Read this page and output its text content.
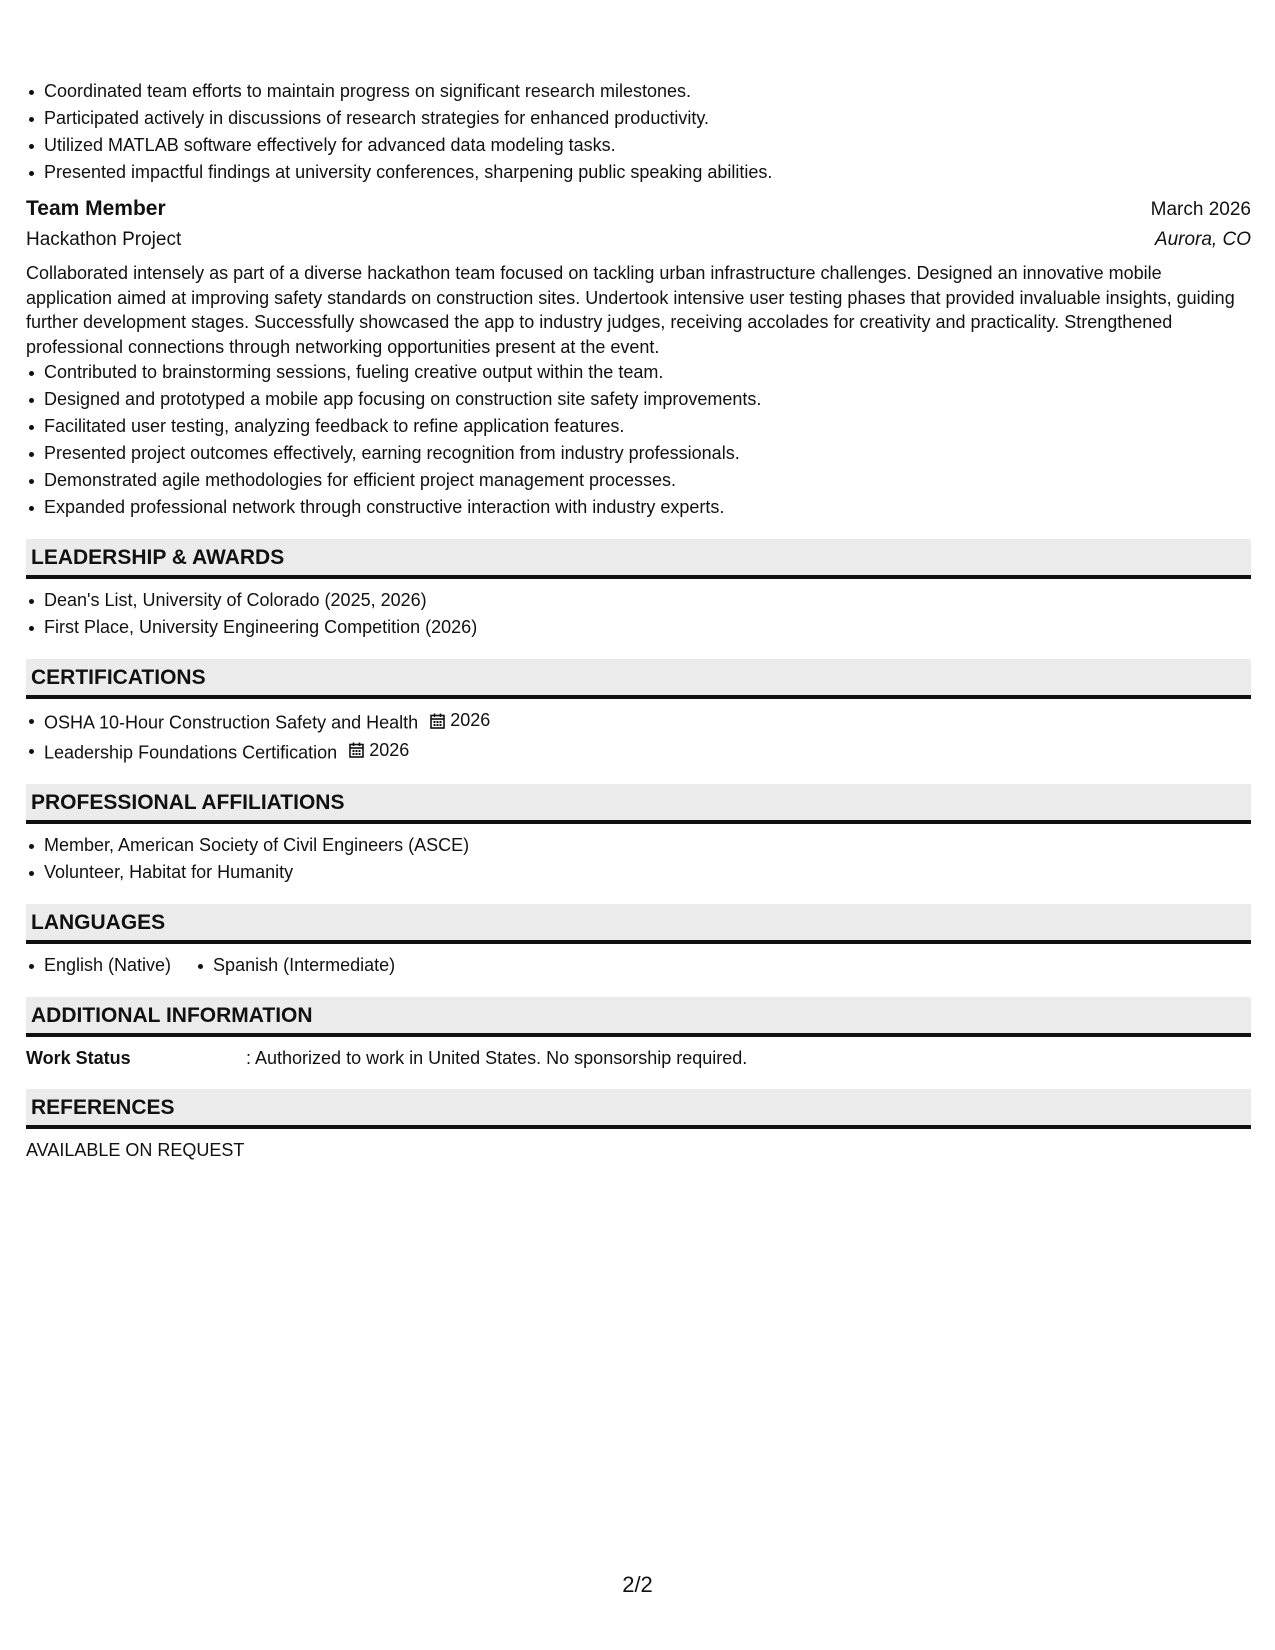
Coordinated team efforts to maintain progress on significant research milestones.
Participated actively in discussions of research strategies for enhanced productivity.
Utilized MATLAB software effectively for advanced data modeling tasks.
Presented impactful findings at university conferences, sharpening public speaking abilities.
Team Member	March 2026
Hackathon Project	Aurora, CO

Collaborated intensely as part of a diverse hackathon team focused on tackling urban infrastructure challenges. Designed an innovative mobile application aimed at improving safety standards on construction sites. Undertook intensive user testing phases that provided invaluable insights, guiding further development stages. Successfully showcased the app to industry judges, receiving accolades for creativity and practicality. Strengthened professional connections through networking opportunities present at the event.

Contributed to brainstorming sessions, fueling creative output within the team.
Designed and prototyped a mobile app focusing on construction site safety improvements.
Facilitated user testing, analyzing feedback to refine application features.
Presented project outcomes effectively, earning recognition from industry professionals.
Demonstrated agile methodologies for efficient project management processes.
Expanded professional network through constructive interaction with industry experts.
LEADERSHIP & AWARDS
Dean's List, University of Colorado (2025, 2026)
First Place, University Engineering Competition (2026)
CERTIFICATIONS
OSHA 10-Hour Construction Safety and Health 2026
Leadership Foundations Certification 2026
PROFESSIONAL AFFILIATIONS
Member, American Society of Civil Engineers (ASCE)
Volunteer, Habitat for Humanity
LANGUAGES
English (Native)	Spanish (Intermediate)
ADDITIONAL INFORMATION
Work Status	: Authorized to work in United States. No sponsorship required.
REFERENCES
AVAILABLE ON REQUEST
2/2
